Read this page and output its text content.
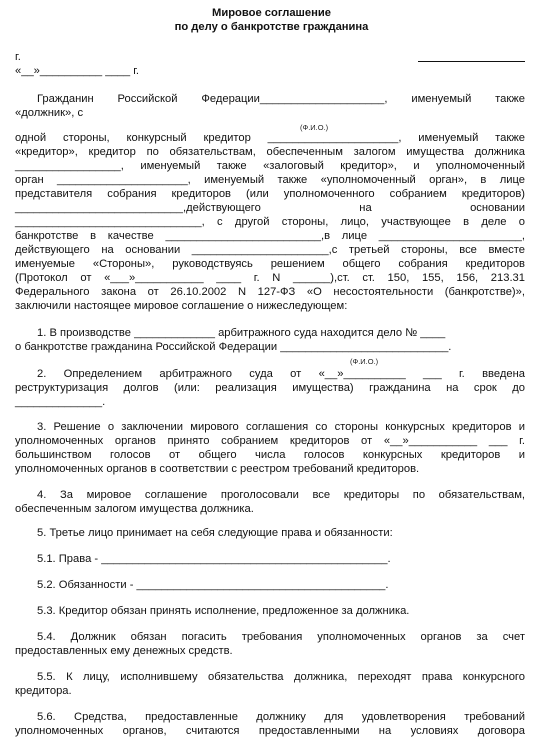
Мировое соглашение
по делу о банкротстве гражданина
г.
«__»__________ ____ г.
Гражданин Российской Федерации____________________, именуемый также
«должник», с
(Ф.И.О.)
одной стороны, конкурсный кредитор _____________________, именуемый также
«кредитор», кредитор по обязательствам, обеспеченным залогом имущества должника
_________________, именуемый также «залоговый кредитор», и уполномоченный
орган _____________________, именуемый также «уполномоченный орган», в лице
представителя собрания кредиторов (или уполномоченного собранием кредиторов)
___________________________,действующего на основании
______________________________, с другой стороны, лицо, участвующее в деле о
банкротстве в качестве _________________________,в лице _______________________,
действующего на основании ______________________,с третьей стороны, все вместе
именуемые «Стороны», руководствуясь решением общего собрания кредиторов
(Протокол от «___»___________ ____ г. N ______),ст. ст. 150, 155, 156, 213.31
Федерального закона от 26.10.2002 N 127-ФЗ «О несостоятельности (банкротстве)»,
заключили настоящее мировое соглашение о нижеследующем:
1. В производстве _____________ арбитражного суда находится дело № ____
о банкротстве гражданина Российской Федерации ___________________________.
(Ф.И.О.)
2. Определением арбитражного суда от «__»__________ ___ г. введена
реструктуризация долгов (или: реализация имущества) гражданина на срок до
______________.
3. Решение о заключении мирового соглашения со стороны конкурсных кредиторов и
уполномоченных органов принято собранием кредиторов от «__»___________ ___ г.
большинством голосов от общего числа голосов конкурсных кредиторов и
уполномоченных органов в соответствии с реестром требований кредиторов.
4. За мировое соглашение проголосовали все кредиторы по обязательствам,
обеспеченным залогом имущества должника.
5. Третье лицо принимает на себя следующие права и обязанности:
5.1. Права - ______________________________________________.
5.2. Обязанности - ________________________________________.
5.3. Кредитор обязан принять исполнение, предложенное за должника.
5.4. Должник обязан погасить требования уполномоченных органов за счет
предоставленных ему денежных средств.
5.5. К лицу, исполнившему обязательства должника, переходят права конкурсного
кредитора.
5.6. Средства, предоставленные должнику для удовлетворения требований
уполномоченных органов, считаются предоставленными на условиях договора
